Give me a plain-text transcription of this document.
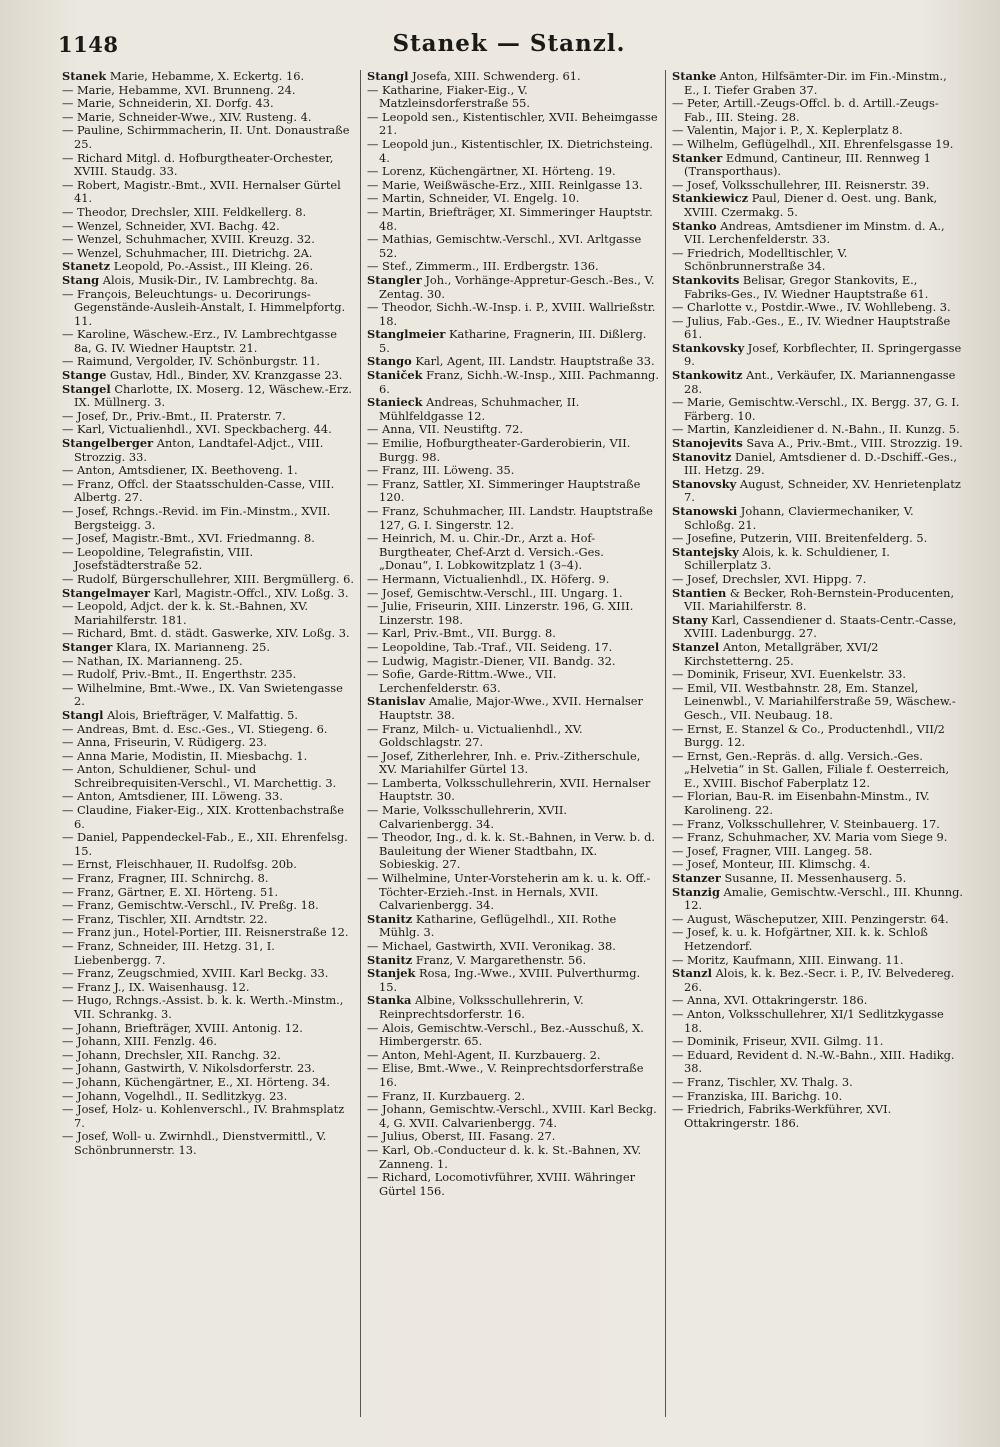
1148	Stanek — Stanzl.
Stanek Marie, Hebamme, X. Eckertg. 16.
— Marie, Hebamme, XVI. Brunneng. 24.
— Marie, Schneiderin, XI. Dorfg. 43.
— Marie, Schneider-Wwe., XIV. Rusteng. 4.
— Pauline, Schirmmacherin, II. Unt. Donaustraße 25.
— Richard Mitgl. d. Hofburgtheater-Orchester, XVIII. Staudg. 33.
— Robert, Magistr.-Bmt., XVII. Hernalser Gürtel 41.
— Theodor, Drechsler, XIII. Feldkellerg. 8.
— Wenzel, Schneider, XVI. Bachg. 42.
— Wenzel, Schuhmacher, XVIII. Kreuzg. 32.
— Wenzel, Schuhmacher, III. Dietrichg. 2A.
Stanetz Leopold, Po.-Assist., III Kleing. 26.
Stang Alois, Musik-Dir., IV. Lambrechtg. 8a.
— François, Beleuchtungs- u. Decorirungs-Gegenstände-Ausleih-Anstalt, I. Himmelpfortg. 11.
— Karoline, Wäschew.-Erz., IV. Lambrechtgasse 8a, G. IV. Wiedner Hauptstr. 21.
— Raimund, Vergolder, IV. Schönburgstr. 11.
Stange Gustav, Hdl., Binder, XV. Kranzgasse 23.
Stangel Charlotte, IX. Moserg. 12, Wäschew.-Erz. IX. Müllnerg. 3.
— Josef, Dr., Priv.-Bmt., II. Praterstr. 7.
— Karl, Victualienhdl., XVI. Speckbacherg. 44.
Stangelberger Anton, Landtafel-Adjct., VIII. Strozzig. 33.
— Anton, Amtsdiener, IX. Beethoveng. 1.
— Franz, Offcl. der Staatsschulden-Casse, VIII. Albertg. 27.
— Josef, Rchngs.-Revid. im Fin.-Minstm., XVII. Bergsteigg. 3.
— Josef, Magistr.-Bmt., XVI. Friedmanng. 8.
— Leopoldine, Telegrafistin, VIII. Josefstädterstraße 52.
— Rudolf, Bürgerschullehrer, XIII. Bergmüllerg. 6.
Stangelmayer Karl, Magistr.-Offcl., XIV. Loßg. 3.
— Leopold, Adjct. der k. k. St.-Bahnen, XV. Mariahilferstr. 181.
— Richard, Bmt. d. städt. Gaswerke, XIV. Loßg. 3.
Stanger Klara, IX. Marianneng. 25.
— Nathan, IX. Marianneng. 25.
— Rudolf, Priv.-Bmt., II. Engerthstr. 235.
— Wilhelmine, Bmt.-Wwe., IX. Van Swietengasse 2.
Stangl Alois, Briefträger, V. Malfattig. 5.
— Andreas, Bmt. d. Esc.-Ges., VI. Stiegeng. 6.
— Anna, Friseurin, V. Rüdigerg. 23.
— Anna Marie, Modistin, II. Miesbachg. 1.
— Anton, Schuldiener, Schul- und Schreibrequisiten-Verschl., VI. Marchettig. 3.
— Anton, Amtsdiener, III. Löweng. 33.
— Claudine, Fiaker-Eig., XIX. Krottenbachstraße 6.
— Daniel, Pappendeckel-Fab., E., XII. Ehrenfelsg. 15.
— Ernst, Fleischhauer, II. Rudolfsg. 20b.
— Franz, Fragner, III. Schnirchg. 8.
— Franz, Gärtner, E. XI. Hörteng. 51.
— Franz, Gemischtw.-Verschl., IV. Preßg. 18.
— Franz, Tischler, XII. Arndtstr. 22.
— Franz jun., Hotel-Portier, III. Reisnerstraße 12.
— Franz, Schneider, III. Hetzg. 31, I. Liebenbergg. 7.
— Franz, Zeugschmied, XVIII. Karl Beckg. 33.
— Franz J., IX. Waisenhausg. 12.
— Hugo, Rchngs.-Assist. b. k. k. Werth.-Minstm., VII. Schrankg. 3.
— Johann, Briefträger, XVIII. Antonig. 12.
— Johann, XIII. Fenzlg. 46.
— Johann, Drechsler, XII. Ranchg. 32.
— Johann, Gastwirth, V. Nikolsdorferstr. 23.
— Johann, Küchengärtner, E., XI. Hörteng. 34.
— Johann, Vogelhdl., II. Sedlitzkyg. 23.
— Josef, Holz- u. Kohlenverschl., IV. Brahmsplatz 7.
— Josef, Woll- u. Zwirnhdl., Dienstvermittl., V. Schönbrunnerstr. 13.
Stangl Josefa, XIII. Schwenderg. 61.
— Katharine, Fiaker-Eig., V. Matzleinsdorferstraße 55.
— Leopold sen., Kistentischler, XVII. Beheimgasse 21.
— Leopold jun., Kistentischler, IX. Dietrichsteing. 4.
— Lorenz, Küchengärtner, XI. Hörteng. 19.
— Marie, Weißwäsche-Erz., XIII. Reinlgasse 13.
— Martin, Schneider, VI. Engelg. 10.
— Martin, Briefträger, XI. Simmeringer Hauptstr. 48.
— Mathias, Gemischtw.-Verschl., XVI. Arltgasse 52.
— Stef., Zimmerm., III. Erdbergstr. 136.
Stangler Joh., Vorhänge-Appretur-Gesch.-Bes., V. Zentag. 30.
— Theodor, Sichh.-W.-Insp. i. P., XVIII. Wallrießstr. 18.
Stanglmeier Katharine, Fragnerin, III. Dißlerg. 5.
Stango Karl, Agent, III. Landstr. Hauptstraße 33.
Staniček Franz, Sichh.-W.-Insp., XIII. Pachmanng. 6.
Stanieck Andreas, Schuhmacher, II. Mühlfeldgasse 12.
— Anna, VII. Neustiftg. 72.
— Emilie, Hofburgtheater-Garderobierin, VII. Burgg. 98.
— Franz, III. Löweng. 35.
— Franz, Sattler, XI. Simmeringer Hauptstraße 120.
— Franz, Schuhmacher, III. Landstr. Hauptstraße 127, G. I. Singerstr. 12.
— Heinrich, M. u. Chir.-Dr., Arzt a. Hof-Burgtheater, Chef-Arzt d. Versich.-Ges. „Donau“, I. Lobkowitzplatz 1 (3–4).
— Hermann, Victualienhdl., IX. Höferg. 9.
— Josef, Gemischtw.-Verschl., III. Ungarg. 1.
— Julie, Friseurin, XIII. Linzerstr. 196, G. XIII. Linzerstr. 198.
— Karl, Priv.-Bmt., VII. Burgg. 8.
— Leopoldine, Tab.-Traf., VII. Seideng. 17.
— Ludwig, Magistr.-Diener, VII. Bandg. 32.
— Sofie, Garde-Rittm.-Wwe., VII. Lerchenfelderstr. 63.
Stanislav Amalie, Major-Wwe., XVII. Hernalser Hauptstr. 38.
— Franz, Milch- u. Victualienhdl., XV. Goldschlagstr. 27.
— Josef, Zitherlehrer, Inh. e. Priv.-Zitherschule, XV. Mariahilfer Gürtel 13.
— Lamberta, Volksschullehrerin, XVII. Hernalser Hauptstr. 30.
— Marie, Volksschullehrerin, XVII. Calvarienbergg. 34.
— Theodor, Ing., d. k. k. St.-Bahnen, in Verw. b. d. Bauleitung der Wiener Stadtbahn, IX. Sobieskig. 27.
— Wilhelmine, Unter-Vorsteherin am k. u. k. Off.-Töchter-Erzieh.-Inst. in Hernals, XVII. Calvarienbergg. 34.
Stanitz Katharine, Geflügelhdl., XII. Rothe Mühlg. 3.
— Michael, Gastwirth, XVII. Veronikag. 38.
Stanitz Franz, V. Margarethenstr. 56.
Stanjek Rosa, Ing.-Wwe., XVIII. Pulverthurmg. 15.
Stanka Albine, Volksschullehrerin, V. Reinprechtsdorferstr. 16.
— Alois, Gemischtw.-Verschl., Bez.-Ausschuß, X. Himbergerstr. 65.
— Anton, Mehl-Agent, II. Kurzbauerg. 2.
— Elise, Bmt.-Wwe., V. Reinprechtsdorferstraße 16.
— Franz, II. Kurzbauerg. 2.
— Johann, Gemischtw.-Verschl., XVIII. Karl Beckg. 4, G. XVII. Calvarienbergg. 74.
— Julius, Oberst, III. Fasang. 27.
— Karl, Ob.-Conducteur d. k. k. St.-Bahnen, XV. Zanneng. 1.
— Richard, Locomotivführer, XVIII. Währinger Gürtel 156.
Stanke Anton, Hilfsämter-Dir. im Fin.-Minstm., E., I. Tiefer Graben 37.
— Peter, Artill.-Zeugs-Offcl. b. d. Artill.-Zeugs-Fab., III. Steing. 28.
— Valentin, Major i. P., X. Keplerplatz 8.
— Wilhelm, Geflügelhdl., XII. Ehrenfelsgasse 19.
Stanker Edmund, Cantineur, III. Rennweg 1 (Transporthaus).
— Josef, Volksschullehrer, III. Reisnerstr. 39.
Stankiewicz Paul, Diener d. Oest. ung. Bank, XVIII. Czermakg. 5.
Stanko Andreas, Amtsdiener im Minstm. d. A., VII. Lerchenfelderstr. 33.
— Friedrich, Modelltischler, V. Schönbrunnerstraße 34.
Stankovits Belisar, Gregor Stankovits, E., Fabriks-Ges., IV. Wiedner Hauptstraße 61.
— Charlotte v., Postdir.-Wwe., IV. Wohllebeng. 3.
— Julius, Fab.-Ges., E., IV. Wiedner Hauptstraße 61.
Stankovsky Josef, Korbflechter, II. Springergasse 9.
Stankowitz Ant., Verkäufer, IX. Mariannengasse 28.
— Marie, Gemischtw.-Verschl., IX. Bergg. 37, G. I. Färberg. 10.
— Martin, Kanzleidiener d. N.-Bahn., II. Kunzg. 5.
Stanojevits Sava A., Priv.-Bmt., VIII. Strozzig. 19.
Stanovitz Daniel, Amtsdiener d. D.-Dschiff.-Ges., III. Hetzg. 29.
Stanovsky August, Schneider, XV. Henrietenplatz 7.
Stanowski Johann, Claviermechaniker, V. Schloßg. 21.
— Josefine, Putzerin, VIII. Breitenfelderg. 5.
Stantejsky Alois, k. k. Schuldiener, I. Schillerplatz 3.
— Josef, Drechsler, XVI. Hippg. 7.
Stantien & Becker, Roh-Bernstein-Producenten, VII. Mariahilferstr. 8.
Stany Karl, Cassendiener d. Staats-Centr.-Casse, XVIII. Ladenburgg. 27.
Stanzel Anton, Metallgräber, XVI/2 Kirchstetterng. 25.
— Dominik, Friseur, XVI. Euenkelstr. 33.
— Emil, VII. Westbahnstr. 28, Em. Stanzel, Leinenwbl., V. Mariahilferstraße 59, Wäschew.-Gesch., VII. Neubaug. 18.
— Ernst, E. Stanzel & Co., Productenhdl., VII/2 Burgg. 12.
— Ernst, Gen.-Repräs. d. allg. Versich.-Ges. „Helvetia“ in St. Gallen, Filiale f. Oesterreich, E., XVIII. Bischof Faberplatz 12.
— Florian, Bau-R. im Eisenbahn-Minstm., IV. Karolineng. 22.
— Franz, Volksschullehrer, V. Steinbauerg. 17.
— Franz, Schuhmacher, XV. Maria vom Siege 9.
— Josef, Fragner, VIII. Langeg. 58.
— Josef, Monteur, III. Klimschg. 4.
Stanzer Susanne, II. Messenhauserg. 5.
Stanzig Amalie, Gemischtw.-Verschl., III. Khunng. 12.
— August, Wäscheputzer, XIII. Penzingerstr. 64.
— Josef, k. u. k. Hofgärtner, XII. k. k. Schloß Hetzendorf.
— Moritz, Kaufmann, XIII. Einwang. 11.
Stanzl Alois, k. k. Bez.-Secr. i. P., IV. Belvedereg. 26.
— Anna, XVI. Ottakringerstr. 186.
— Anton, Volksschullehrer, XI/1 Sedlitzkygasse 18.
— Dominik, Friseur, XVII. Gilmg. 11.
— Eduard, Revident d. N.-W.-Bahn., XIII. Hadikg. 38.
— Franz, Tischler, XV. Thalg. 3.
— Franziska, III. Barichg. 10.
— Friedrich, Fabriks-Werkführer, XVI. Ottakringerstr. 186.
